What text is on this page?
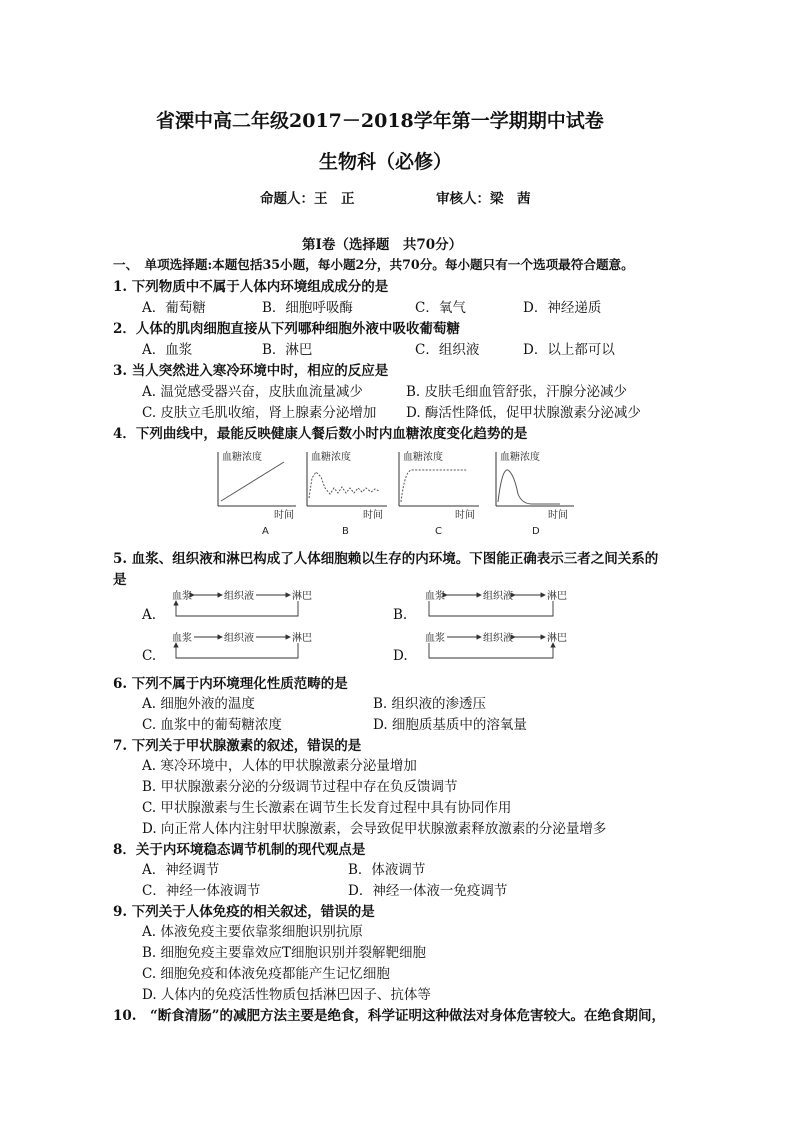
省溧中高二年级2017－2018学年第一学期期中试卷
生物科（必修）
命题人：王　正	审核人：梁　茜
第Ⅰ卷（选择题　共70分）
一、　单项选择题:本题包括35小题，每小题2分，共70分。每小题只有一个选项最符合题意。
1. 下列物质中不属于人体内环境组成成分的是
A．葡萄糖	B．细胞呼吸酶	C．氧气	D．神经递质
2．人体的肌肉细胞直接从下列哪种细胞外液中吸收葡萄糖
A．血浆	B．淋巴	C．组织液	D．以上都可以
3. 当人突然进入寒冷环境中时，相应的反应是
A. 温觉感受器兴奋，皮肤血流量减少	B. 皮肤毛细血管舒张，汗腺分泌减少
C. 皮肤立毛肌收缩，肾上腺素分泌增加 D. 酶活性降低，促甲状腺激素分泌减少
4．下列曲线中，最能反映健康人餐后数小时内血糖浓度变化趋势的是
血糖浓度
时间
A
血糖浓度
时间
B
血糖浓度
时间
C
血糖浓度
时间
D
5. 血浆、组织液和淋巴构成了人体细胞赖以生存的内环境。下图能正确表示三者之间关系的
是
A.	B.
C.	D.
血浆	组织液	淋巴	血浆	组织液	淋巴
血浆	组织液	淋巴	血浆	组织液	淋巴
6. 下列不属于内环境理化性质范畴的是
A. 细胞外液的温度	B. 组织液的渗透压
C. 血浆中的葡萄糖浓度	D. 细胞质基质中的溶氧量
7. 下列关于甲状腺激素的叙述，错误的是
A. 寒冷环境中，人体的甲状腺激素分泌量增加
B. 甲状腺激素分泌的分级调节过程中存在负反馈调节
C. 甲状腺激素与生长激素在调节生长发育过程中具有协同作用
D. 向正常人体内注射甲状腺激素，会导致促甲状腺激素释放激素的分泌量增多
8．关于内环境稳态调节机制的现代观点是
A．神经调节	B．体液调节
C．神经一体液调节	D．神经一体液一免疫调节
9. 下列关于人体免疫的相关叙述，错误的是
A. 体液免疫主要依靠浆细胞识别抗原
B. 细胞免疫主要靠效应T细胞识别并裂解靶细胞
C. 细胞免疫和体液免疫都能产生记忆细胞
D. 人体内的免疫活性物质包括淋巴因子、抗体等
10.　“断食清肠”的减肥方法主要是绝食，科学证明这种做法对身体危害较大。在绝食期间，
